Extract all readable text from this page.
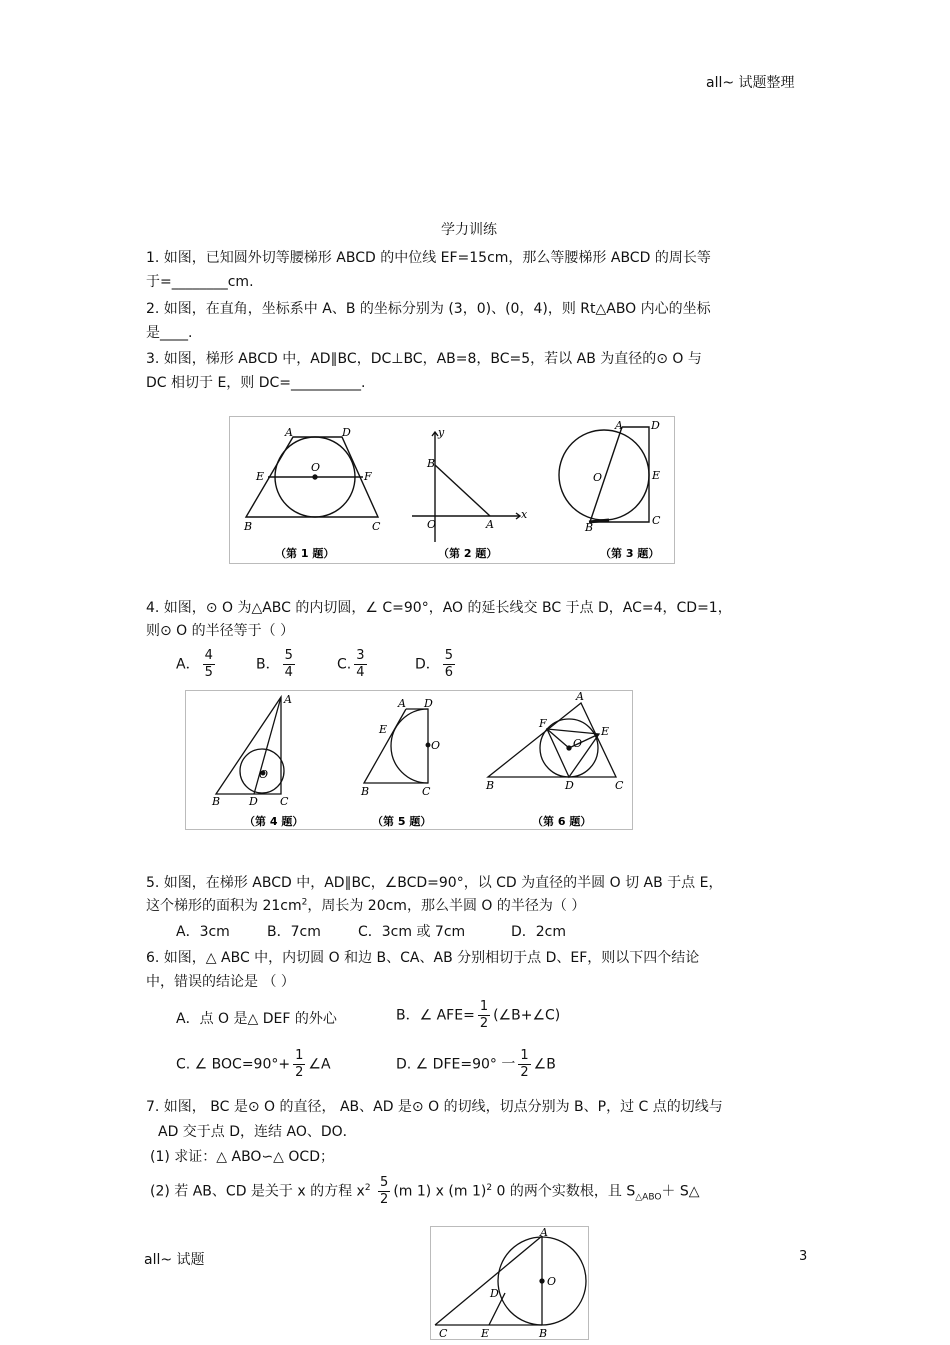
all~ 试题整理
学力训练
1. 如图，已知圆外切等腰梯形 ABCD 的中位线 EF=15cm，那么等腰梯形 ABCD 的周长等
于=________cm.
2. 如图，在直角，坐标系中 A、B 的坐标分别为 (3，0)、(0，4)，则 Rt△ABO 内心的坐标
是____.
3. 如图，梯形 ABCD 中，AD∥BC，DC⊥BC，AB=8，BC=5，若以 AB 为直径的⊙ O 与
DC 相切于 E，则 DC=__________.
A	D
E
O
F
B	C
（第 1 题）
y
B
O	A
x
（第 2 题）
A	D
O	E
B
C
（第 3 题）
4. 如图，⊙ O 为△ABC 的内切圆，∠ C=90°，AO 的延长线交 BC 于点 D，AC=4，CD=1，
则⊙ O 的半径等于（ ）
A． $\frac{4}{5}$	B． $\frac{5}{4}$	C. $\frac{3}{4}$	D． $\frac{5}{6}$
A
O
B	D C
（第 4 题）
A D
E
O
B	C
（第 5 题）
A
F
E
O
B	D	C
（第 6 题）
5. 如图，在梯形 ABCD 中，AD∥BC，∠BCD=90°，以 CD 为直径的半圆 O 切 AB 于点 E，
这个梯形的面积为 $21cm^2$，周长为 20cm，那么半圆 O 的半径为（ ）
A．3cm	B．7cm	C．3cm 或 7cm	D．2cm
6. 如图，△ ABC 中，内切圆 O 和边 B、CA、AB 分别相切于点 D、EF，则以下四个结论
中，错误的结论是 （ ）
A．点 O 是△ DEF 的外心	B．∠ $AFE= \frac{1}{2}$ (∠B+∠C)
C. ∠ $BOC=90^\circ+ \frac{1}{2}$ ∠A	D. ∠ DFE=90° 一 $\frac{1}{2}$ ∠B
7. 如图， BC 是⊙ O 的直径， AB、AD 是⊙ O 的切线，切点分别为 B、P，过 C 点的切线与
AD 交于点 D，连结 AO、DO．
(1) 求证：△ ABO∽△ OCD；
(2) 若 AB、CD 是关于 x 的方程 $x^2 \frac{5}{2} (m$ 1) x (m 1)$^2$ 0 的两个实数根，且 $S_{\triangle ABO}+$ S△
A
O
D
C	E	B
all~ 试题	3
